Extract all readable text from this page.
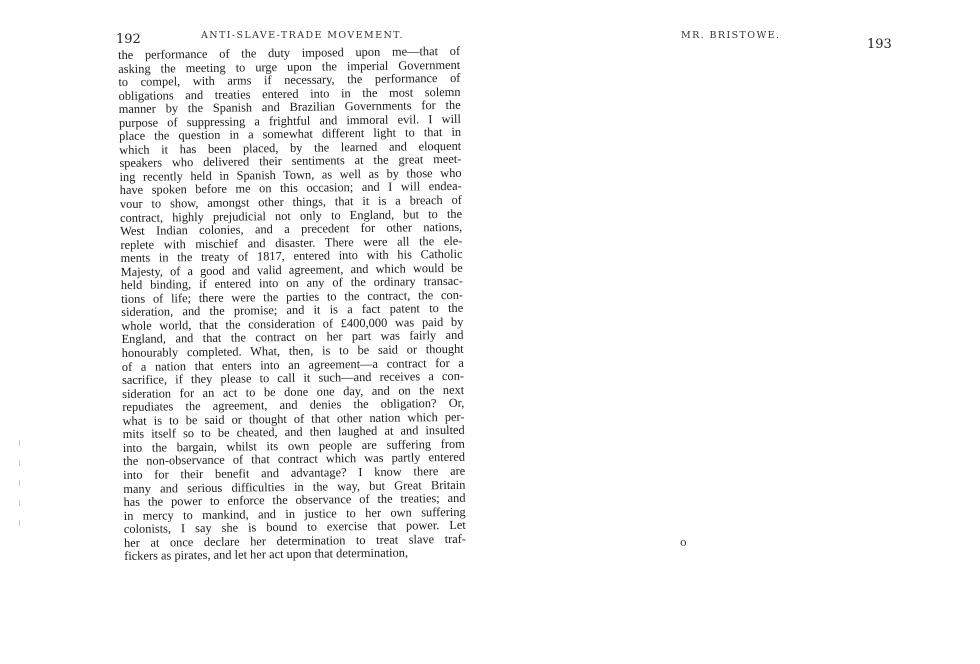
192	ANTI-SLAVE-TRADE MOVEMENT.
the performance of the duty imposed upon me—that of
asking the meeting to urge upon the imperial Government
to compel, with arms if necessary, the performance of
obligations and treaties entered into in the most solemn
manner by the Spanish and Brazilian Governments for the
purpose of suppressing a frightful and immoral evil. I will
place the question in a somewhat different light to that in
which it has been placed, by the learned and eloquent
speakers who delivered their sentiments at the great meet-
ing recently held in Spanish Town, as well as by those who
have spoken before me on this occasion; and I will endea-
vour to show, amongst other things, that it is a breach of
contract, highly prejudicial not only to England, but to the
West Indian colonies, and a precedent for other nations,
replete with mischief and disaster. There were all the ele-
ments in the treaty of 1817, entered into with his Catholic
Majesty, of a good and valid agreement, and which would be
held binding, if entered into on any of the ordinary transac-
tions of life; there were the parties to the contract, the con-
sideration, and the promise; and it is a fact patent to the
whole world, that the consideration of £400,000 was paid by
England, and that the contract on her part was fairly and
honourably completed. What, then, is to be said or thought
of a nation that enters into an agreement—a contract for a
sacrifice, if they please to call it such—and receives a con-
sideration for an act to be done one day, and on the next
repudiates the agreement, and denies the obligation? Or,
what is to be said or thought of that other nation which per-
mits itself so to be cheated, and then laughed at and insulted
into the bargain, whilst its own people are suffering from
the non-observance of that contract which was partly entered
into for their benefit and advantage? I know there are
many and serious difficulties in the way, but Great Britain
has the power to enforce the observance of the treaties; and
in mercy to mankind, and in justice to her own suffering
colonists, I say she is bound to exercise that power. Let
her at once declare her determination to treat slave traf-
fickers as pirates, and let her act upon that determination,
MR. BRISTOWE.
193
o
